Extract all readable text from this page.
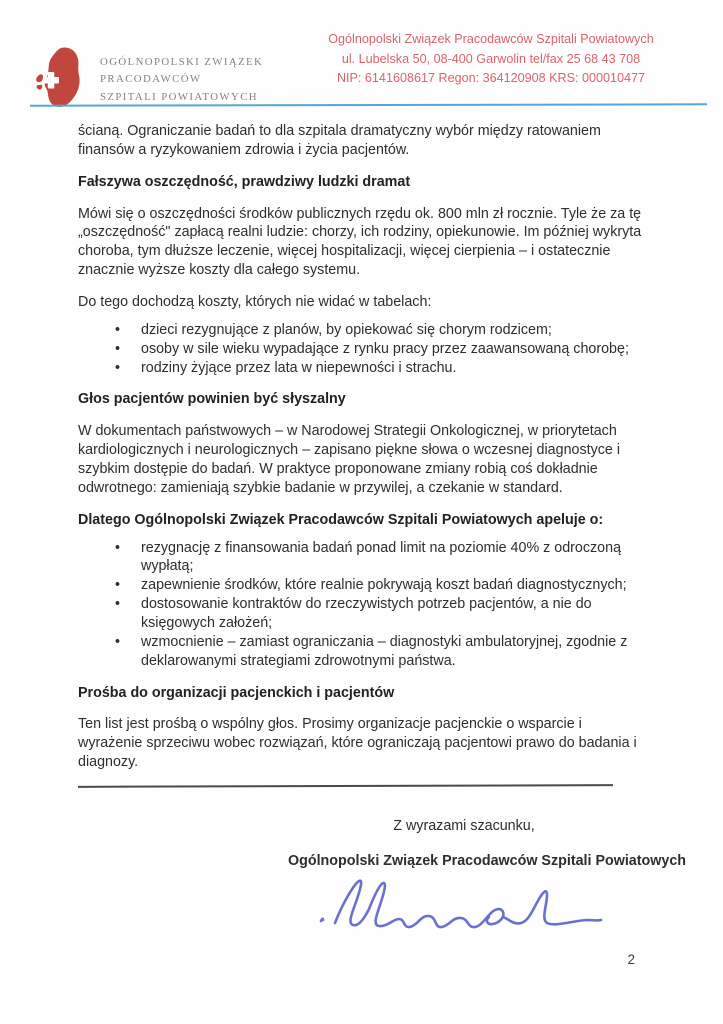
OGÓLNOPOLSKI ZWIĄZEK
PRACODAWCÓW
SZPITALI POWIATOWYCH
Ogólnopolski Związek Pracodawców Szpitali Powiatowych
ul. Lubelska 50, 08-400 Garwolin tel/fax 25 68 43 708
NIP: 6141608617 Regon: 364120908 KRS: 000010477

ścianą. Ograniczanie badań to dla szpitala dramatyczny wybór między ratowaniem finansów a ryzykowaniem zdrowia i życia pacjentów.

Fałszywa oszczędność, prawdziwy ludzki dramat

Mówi się o oszczędności środków publicznych rzędu ok. 800 mln zł rocznie. Tyle że za tę „oszczędność" zapłacą realni ludzie: chorzy, ich rodziny, opiekunowie. Im później wykryta choroba, tym dłuższe leczenie, więcej hospitalizacji, więcej cierpienia – i ostatecznie znacznie wyższe koszty dla całego systemu.

Do tego dochodzą koszty, których nie widać w tabelach:

• dzieci rezygnujące z planów, by opiekować się chorym rodzicem;
• osoby w sile wieku wypadające z rynku pracy przez zaawansowaną chorobę;
• rodziny żyjące przez lata w niepewności i strachu.
Głos pacjentów powinien być słyszalny

W dokumentach państwowych – w Narodowej Strategii Onkologicznej, w priorytetach kardiologicznych i neurologicznych – zapisano piękne słowa o wczesnej diagnostyce i szybkim dostępie do badań. W praktyce proponowane zmiany robią coś dokładnie odwrotnego: zamieniają szybkie badanie w przywilej, a czekanie w standard.

Dlatego Ogólnopolski Związek Pracodawców Szpitali Powiatowych apeluje o:
• rezygnację z finansowania badań ponad limit na poziomie 40% z odroczoną wypłatą;
• zapewnienie środków, które realnie pokrywają koszt badań diagnostycznych;
• dostosowanie kontraktów do rzeczywistych potrzeb pacjentów, a nie do księgowych założeń;
• wzmocnienie – zamiast ograniczania – diagnostyki ambulatoryjnej, zgodnie z deklarowanymi strategiami zdrowotnymi państwa.
Prośba do organizacji pacjenckich i pacjentów

Ten list jest prośbą o wspólny głos. Prosimy organizacje pacjenckie o wsparcie i wyrażenie sprzeciwu wobec rozwiązań, które ograniczają pacjentowi prawo do badania i diagnozy.

Z wyrazami szacunku,
Ogólnopolski Związek Pracodawców Szpitali Powiatowych
2
